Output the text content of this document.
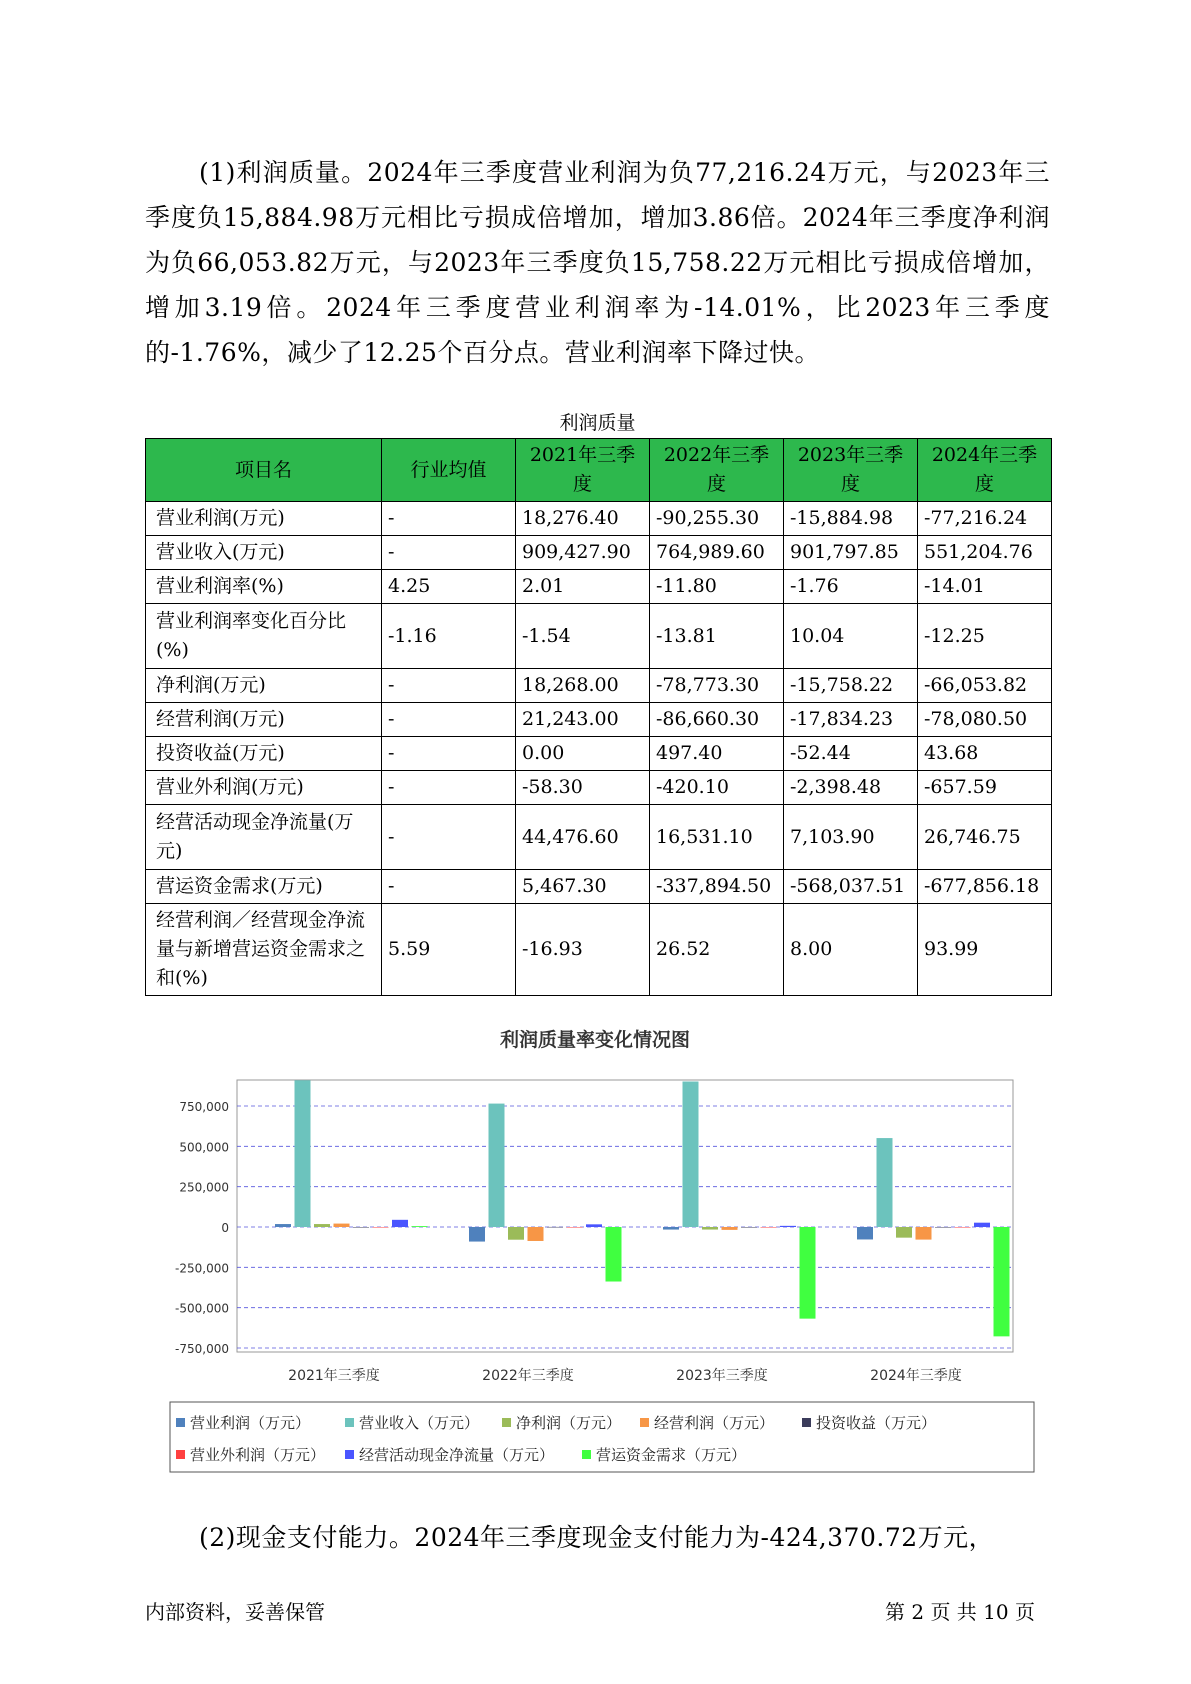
(1)利润质量。2024年三季度营业利润为负77,216.24万元，与2023年三季度负15,884.98万元相比亏损成倍增加，增加3.86倍。2024年三季度净利润为负66,053.82万元，与2023年三季度负15,758.22万元相比亏损成倍增加，增加3.19倍。2024年三季度营业利润率为-14.01%，比2023年三季度的-1.76%，减少了12.25个百分点。营业利润率下降过快。

利润质量
项目名	行业均值	2021年三季度	2022年三季度	2023年三季度	2024年三季度
营业利润(万元)	-	18,276.40	-90,255.30	-15,884.98	-77,216.24
营业收入(万元)	-	909,427.90	764,989.60	901,797.85	551,204.76
营业利润率(%)	4.25	2.01	-11.80	-1.76	-14.01
营业利润率变化百分比(%)	-1.16	-1.54	-13.81	10.04	-12.25
净利润(万元)	-	18,268.00	-78,773.30	-15,758.22	-66,053.82
经营利润(万元)	-	21,243.00	-86,660.30	-17,834.23	-78,080.50
投资收益(万元)	-	0.00	497.40	-52.44	43.68
营业外利润(万元)	-	-58.30	-420.10	-2,398.48	-657.59
经营活动现金净流量(万元)	-	44,476.60	16,531.10	7,103.90	26,746.75
营运资金需求(万元)	-	5,467.30	-337,894.50	-568,037.51	-677,856.18
经营利润／经营现金净流量与新增营运资金需求之和(%)	5.59	-16.93	26.52	8.00	93.99
利润质量率变化情况图
-750,000
-500,000
-250,000
0
250,000
500,000
750,000
2021年三季度	2022年三季度	2023年三季度	2024年三季度
营业利润（万元）	营业收入（万元） 净利润（万元） 经营利润（万元）	投资收益（万元）
营业外利润（万元） 经营活动现金净流量（万元）	营运资金需求（万元）

(2)现金支付能力。2024年三季度现金支付能力为-424,370.72万元，

内部资料，妥善保管	第 2 页 共 10 页
